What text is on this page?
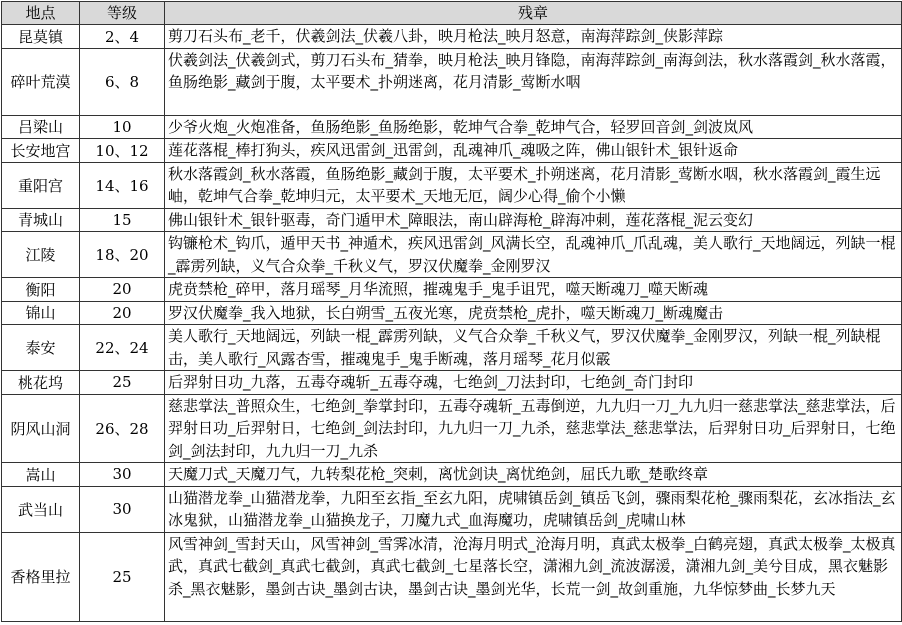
地点	等级	残章
昆莫镇	2、4	剪刀石头布_老千，伏羲剑法_伏羲八卦，映月枪法_映月怒意，南海萍踪剑_侠影萍踪
碎叶荒漠	6、8	伏羲剑法_伏羲剑式，剪刀石头布_猜拳，映月枪法_映月锋隐，南海萍踪剑_南海剑法，秋水落霞剑_秋水落霞，鱼肠绝影_藏剑于腹，太平要术_扑朔迷离，花月清影_莺断水咽
吕梁山	10	少爷火炮_火炮准备，鱼肠绝影_鱼肠绝影，乾坤气合拳_乾坤气合，轻罗回音剑_剑波岚风
长安地宫	10、12	莲花落棍_棒打狗头，疾风迅雷剑_迅雷剑，乱魂神爪_魂吸之阵，佛山银针术_银针返命
重阳宫	14、16	秋水落霞剑_秋水落霞，鱼肠绝影_藏剑于腹，太平要术_扑朔迷离，花月清影_莺断水咽，秋水落霞剑_霞生远岫，乾坤气合拳_乾坤归元，太平要术_天地无厄，阔少心得_偷个小懒
青城山	15	佛山银针术_银针驱毒，奇门遁甲术_障眼法，南山辟海枪_辟海冲刺，莲花落棍_泥云变幻
江陵	18、20	钩镰枪术_钩爪，遁甲天书_神遁术，疾风迅雷剑_风满长空，乱魂神爪_爪乱魂，美人歌行_天地阔远，列缺一棍_霹雳列缺，义气合众拳_千秋义气，罗汉伏魔拳_金刚罗汉
衡阳	20	虎贲禁枪_碎甲，落月瑶琴_月华流照，摧魂鬼手_鬼手诅咒，噬天断魂刀_噬天断魂
锦山	20	罗汉伏魔拳_我入地狱，长白朔雪_五夜光寒，虎贲禁枪_虎扑，噬天断魂刀_断魂魔击
泰安	22、24	美人歌行_天地阔远，列缺一棍_霹雳列缺，义气合众拳_千秋义气，罗汉伏魔拳_金刚罗汉，列缺一棍_列缺棍击，美人歌行_风露杏雪，摧魂鬼手_鬼手断魂，落月瑶琴_花月似霰
桃花坞	25	后羿射日功_九落，五毒夺魂斩_五毒夺魂，七绝剑_刀法封印，七绝剑_奇门封印
阴风山洞	26、28	慈悲掌法_普照众生，七绝剑_拳掌封印，五毒夺魂斩_五毒倒逆，九九归一刀_九九归一慈悲掌法_慈悲掌法，后羿射日功_后羿射日，七绝剑_剑法封印，九九归一刀_九杀，慈悲掌法_慈悲掌法，后羿射日功_后羿射日，七绝剑_剑法封印，九九归一刀_九杀
嵩山	30	天魔刀式_天魔刀气，九转梨花枪_突刺，离忧剑诀_离忧绝剑，屈氏九歌_楚歌终章
武当山	30	山猫潜龙拳_山猫潜龙拳，九阳至玄指_至玄九阳，虎啸镇岳剑_镇岳飞剑，骤雨梨花枪_骤雨梨花，玄冰指法_玄冰鬼狱，山猫潜龙拳_山猫换龙子，刀魔九式_血海魔功，虎啸镇岳剑_虎啸山林
香格里拉	25	风雪神剑_雪封天山，风雪神剑_雪霁冰清，沧海月明式_沧海月明，真武太极拳_白鹤亮翅，真武太极拳_太极真武，真武七截剑_真武七截剑，真武七截剑_七星落长空，潇湘九剑_流波潺湲，潇湘九剑_美兮目成，黑衣魅影杀_黑衣魅影，墨剑古诀_墨剑古诀，墨剑古诀_墨剑光华，长荒一剑_故剑重施，九华惊梦曲_长梦九天
